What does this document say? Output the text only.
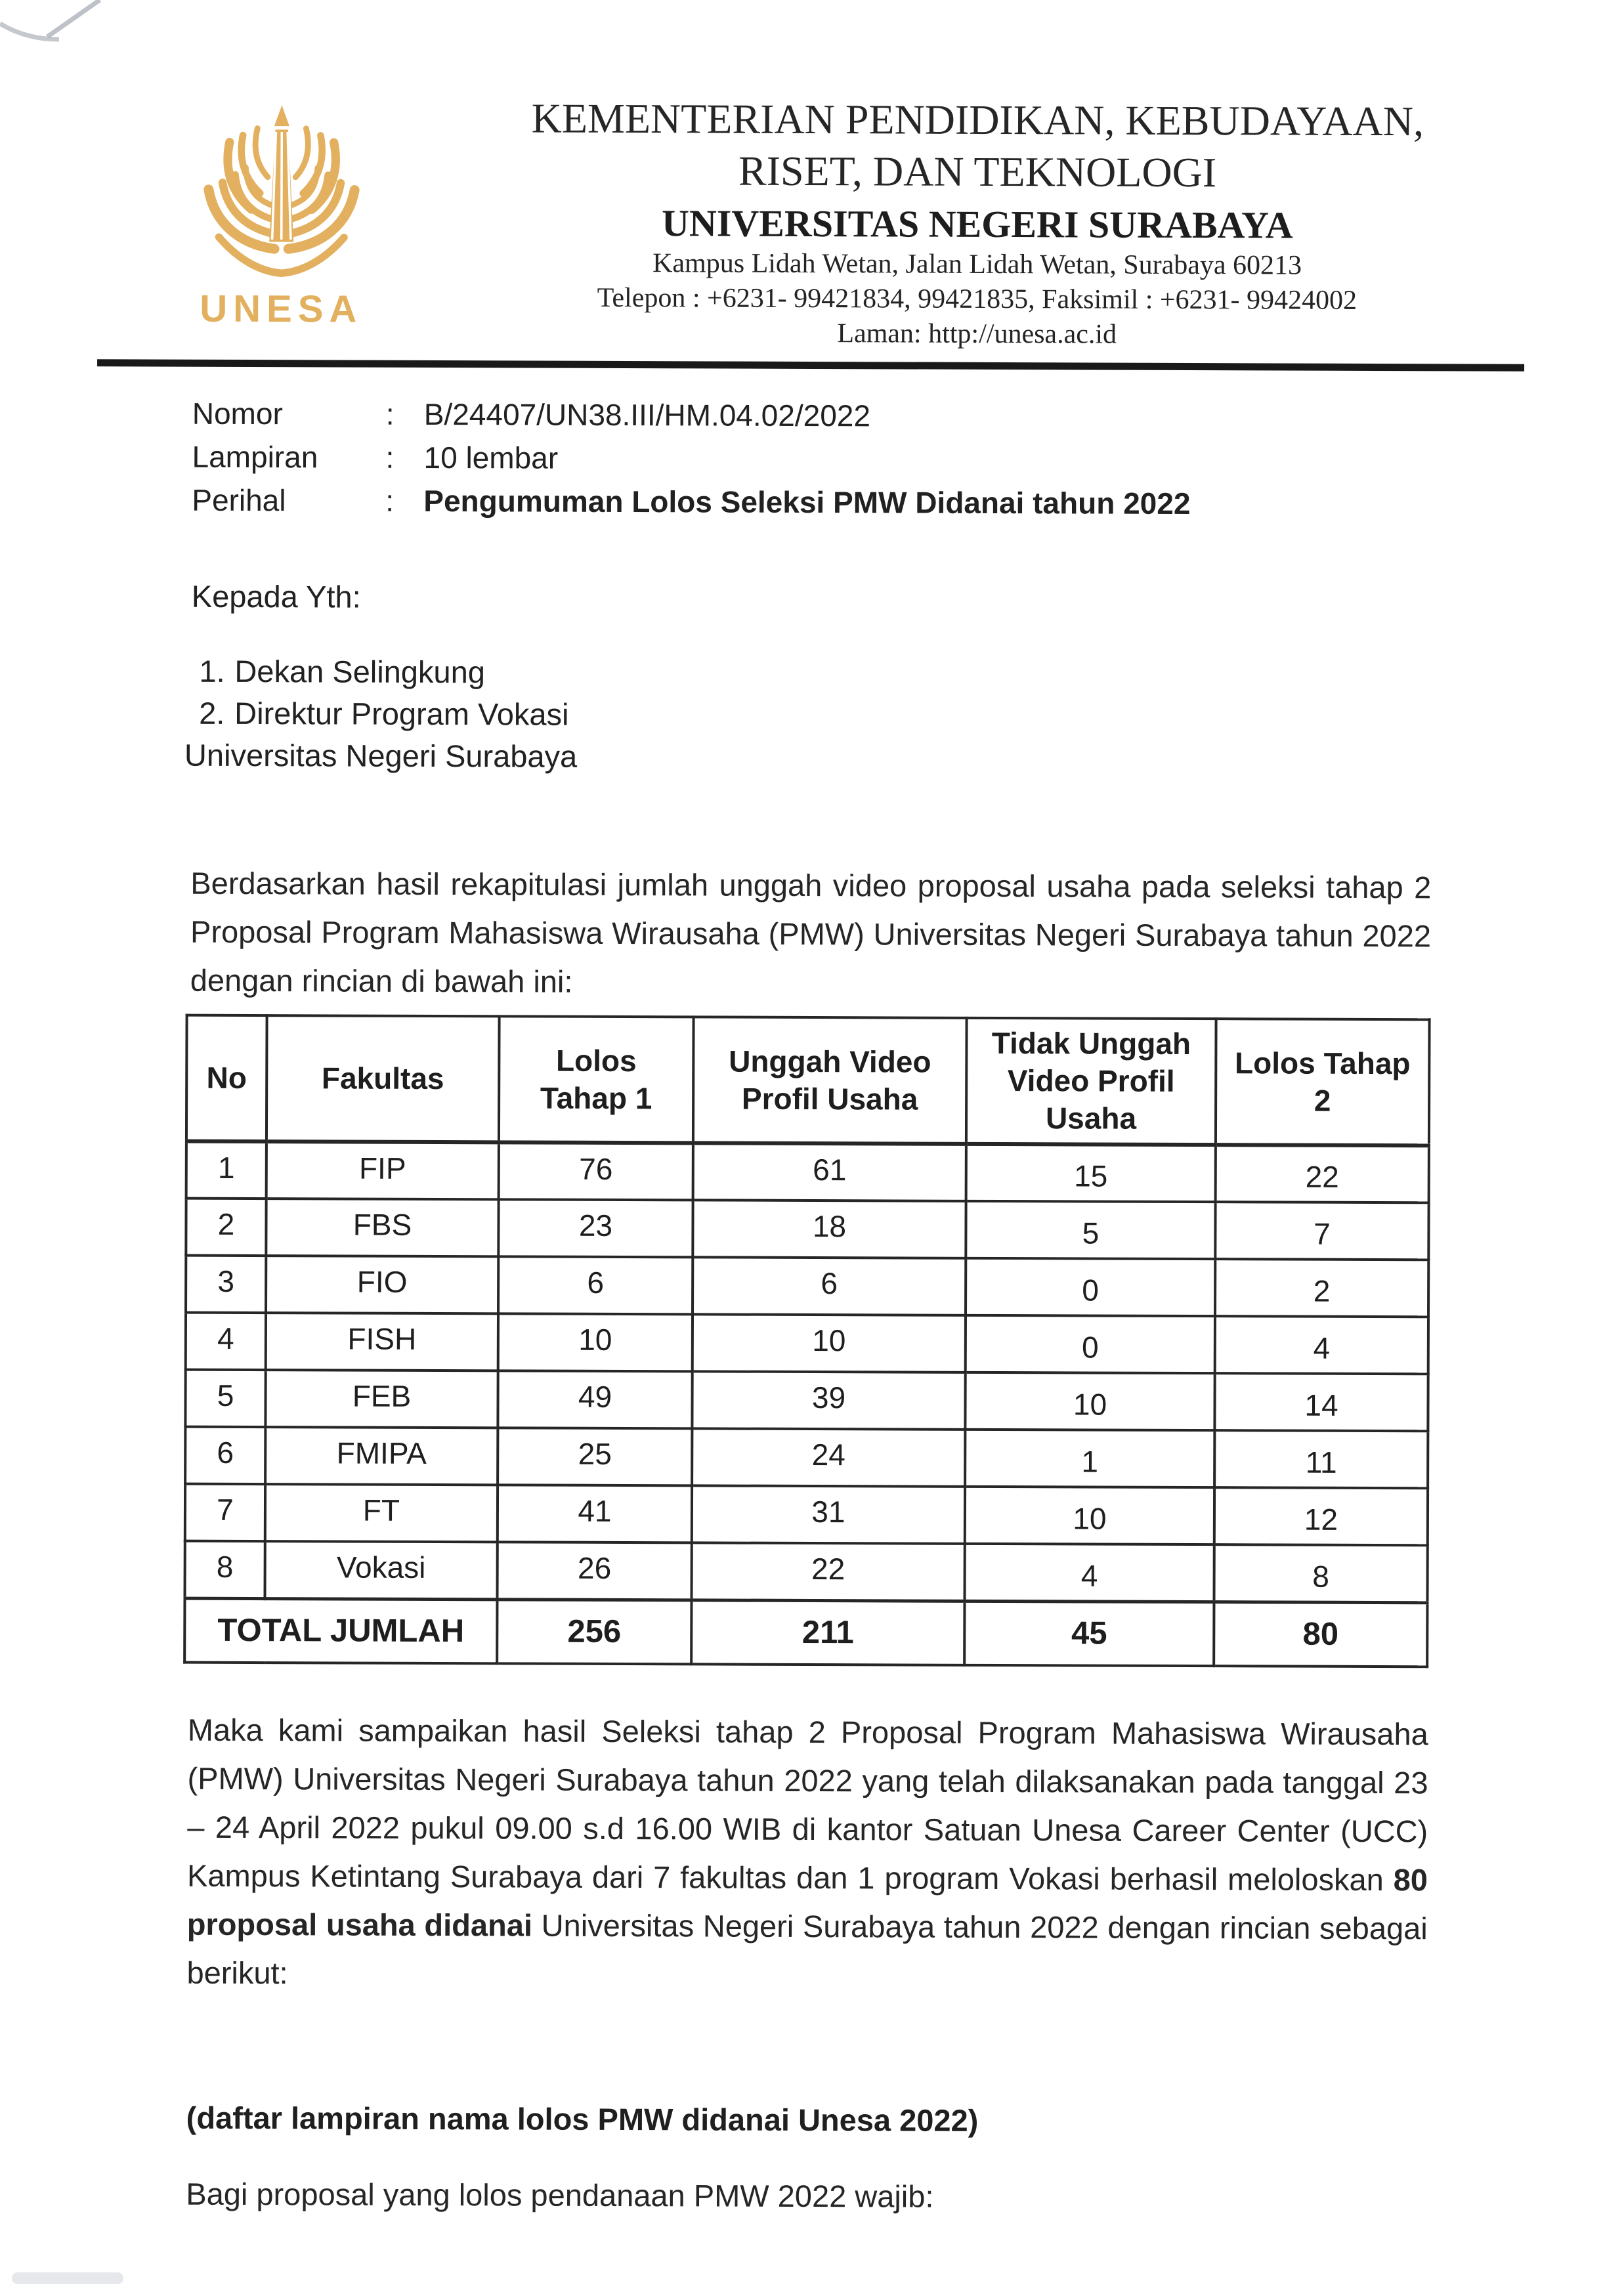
UNESA
KEMENTERIAN PENDIDIKAN, KEBUDAYAAN,
RISET, DAN TEKNOLOGI
UNIVERSITAS NEGERI SURABAYA
Kampus Lidah Wetan, Jalan Lidah Wetan, Surabaya 60213
Telepon : +6231- 99421834, 99421835, Faksimil : +6231- 99424002
Laman: http://unesa.ac.id
Nomor	: B/24407/UN38.III/HM.04.02/2022
Lampiran	: 10 lembar
Perihal	: Pengumuman Lolos Seleksi PMW Didanai tahun 2022
Kepada Yth:
1. Dekan Selingkung
2. Direktur Program Vokasi
Universitas Negeri Surabaya

Berdasarkan hasil rekapitulasi jumlah unggah video proposal usaha pada seleksi tahap 2 Proposal Program Mahasiswa Wirausaha (PMW) Universitas Negeri Surabaya tahun 2022 dengan rincian di bawah ini:

No	Fakultas	Lolos Tahap 1	Unggah Video Profil Usaha	Tidak Unggah Video Profil Usaha	Lolos Tahap 2
1	FIP	76	61	15	22
2	FBS	23	18	5	7
3	FIO	6	6	0	2
4	FISH	10	10	0	4
5	FEB	49	39	10	14
6	FMIPA	25	24	1	11
7	FT	41	31	10	12
8	Vokasi	26	22	4	8
TOTAL JUMLAH		256	211	45	80

Maka kami sampaikan hasil Seleksi tahap 2 Proposal Program Mahasiswa Wirausaha (PMW) Universitas Negeri Surabaya tahun 2022 yang telah dilaksanakan pada tanggal 23 – 24 April 2022 pukul 09.00 s.d 16.00 WIB di kantor Satuan Unesa Career Center (UCC) Kampus Ketintang Surabaya dari 7 fakultas dan 1 program Vokasi berhasil meloloskan 80 proposal usaha didanai Universitas Negeri Surabaya tahun 2022 dengan rincian sebagai berikut:

(daftar lampiran nama lolos PMW didanai Unesa 2022)

Bagi proposal yang lolos pendanaan PMW 2022 wajib:
